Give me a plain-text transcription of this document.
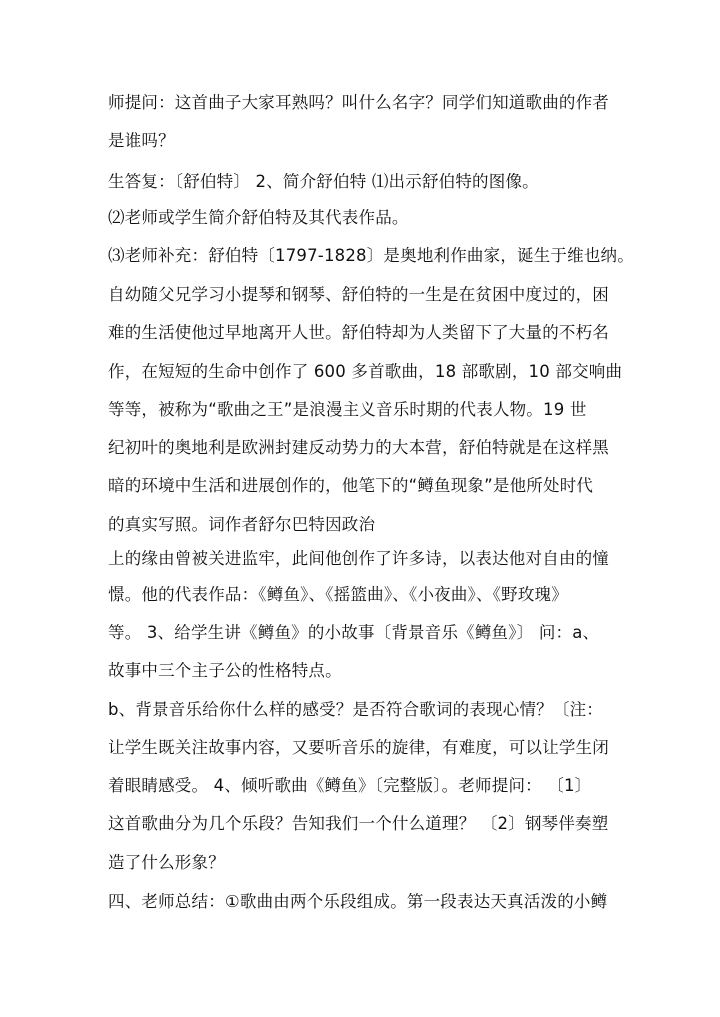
师提问：这首曲子大家耳熟吗？叫什么名字？同学们知道歌曲的作者
是谁吗？
生答复：〔舒伯特〕 2、简介舒伯特 ⑴出示舒伯特的图像。
⑵老师或学生简介舒伯特及其代表作品。
⑶老师补充：舒伯特〔1797-1828〕是奥地利作曲家，诞生于维也纳。
自幼随父兄学习小提琴和钢琴、舒伯特的一生是在贫困中度过的，困
难的生活使他过早地离开人世。舒伯特却为人类留下了大量的不朽名
作，在短短的生命中创作了 600 多首歌曲，18 部歌剧，10 部交响曲
等等，被称为“歌曲之王”是浪漫主义音乐时期的代表人物。19 世
纪初叶的奥地利是欧洲封建反动势力的大本营，舒伯特就是在这样黑
暗的环境中生活和进展创作的，他笔下的“鳟鱼现象”是他所处时代
的真实写照。词作者舒尔巴特因政治
上的缘由曾被关进监牢，此间他创作了许多诗，以表达他对自由的憧
憬。他的代表作品：《鳟鱼》、《摇篮曲》、《小夜曲》、《野玫瑰》
等。 3、给学生讲《鳟鱼》的小故事〔背景音乐《鳟鱼》〕 问：a、
故事中三个主子公的性格特点。
b、背景音乐给你什么样的感受？是否符合歌词的表现心情？〔注：
让学生既关注故事内容，又要听音乐的旋律，有难度，可以让学生闭
着眼睛感受。 4、倾听歌曲《鳟鱼》〔完整版〕。老师提问： 〔1〕
这首歌曲分为几个乐段？告知我们一个什么道理？ 〔2〕钢琴伴奏塑
造了什么形象？
四、老师总结：①歌曲由两个乐段组成。第一段表达天真活泼的小鳟
